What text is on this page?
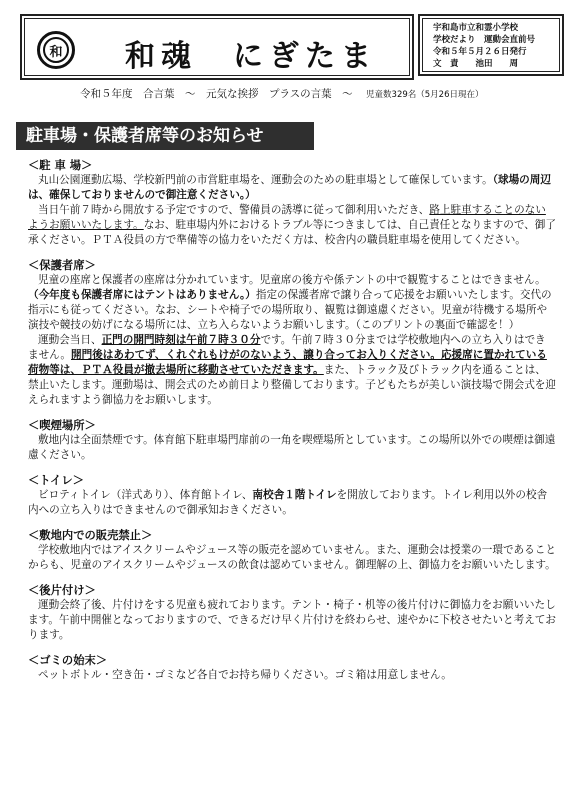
和 和魂　にぎたま
宇和島市立和霊小学校
学校だより　運動会直前号
令和５年５月２６日発行
文　責　　池田　　周
令和５年度　合言葉　～　元気な挨拶　プラスの言葉　～ 児童数329名（5月26日現在）
駐車場・保護者席等のお知らせ
＜駐 車 場＞

丸山公園運動広場、学校新門前の市営駐車場を、運動会のための駐車場として確保しています。（球場の周辺は、確保しておりませんので御注意ください。）

当日午前７時から開放する予定ですので、警備員の誘導に従って御利用いただき、路上駐車することのないようお願いいたします。なお、駐車場内外におけるトラブル等につきましては、自己責任となりますので、御了承ください。ＰＴＡ役員の方で準備等の協力をいただく方は、校舎内の職員駐車場を使用してください。

＜保護者席＞

児童の座席と保護者の座席は分かれています。児童席の後方や係テントの中で観覧することはできません。（今年度も保護者席にはテントはありません。）指定の保護者席で譲り合って応援をお願いいたします。交代の指示にも従ってください。なお、シートや椅子での場所取り、観覧は御遠慮ください。児童が待機する場所や演技や競技の妨げになる場所には、立ち入らないようお願いします。（このプリントの裏面で確認を！）

運動会当日、正門の開門時刻は午前７時３０分です。午前７時３０分までは学校敷地内への立ち入りはできません。開門後はあわてず、くれぐれもけがのないよう、譲り合ってお入りください。応援席に置かれている荷物等は、ＰＴＡ役員が撤去場所に移動させていただきます。また、トラック及びトラック内を通ることは、禁止いたします。運動場は、開会式のため前日より整備しております。子どもたちが美しい演技場で開会式を迎えられますよう御協力をお願いします。

＜喫煙場所＞

敷地内は全面禁煙です。体育館下駐車場門扉前の一角を喫煙場所としています。この場所以外での喫煙は御遠慮ください。

＜トイレ＞

ビロティトイレ（洋式あり）、体育館トイレ、南校舎１階トイレを開放しております。トイレ利用以外の校舎内への立ち入りはできませんので御承知おきください。

＜敷地内での販売禁止＞

学校敷地内ではアイスクリームやジュース等の販売を認めていません。また、運動会は授業の一環であることからも、児童のアイスクリームやジュースの飲食は認めていません。御理解の上、御協力をお願いいたします。

＜後片付け＞

運動会終了後、片付けをする児童も疲れております。テント・椅子・机等の後片付けに御協力をお願いいたします。午前中開催となっておりますので、できるだけ早く片付けを終わらせ、速やかに下校させたいと考えております。

＜ゴミの始末＞

ペットボトル・空き缶・ゴミなど各自でお持ち帰りください。ゴミ箱は用意しません。
